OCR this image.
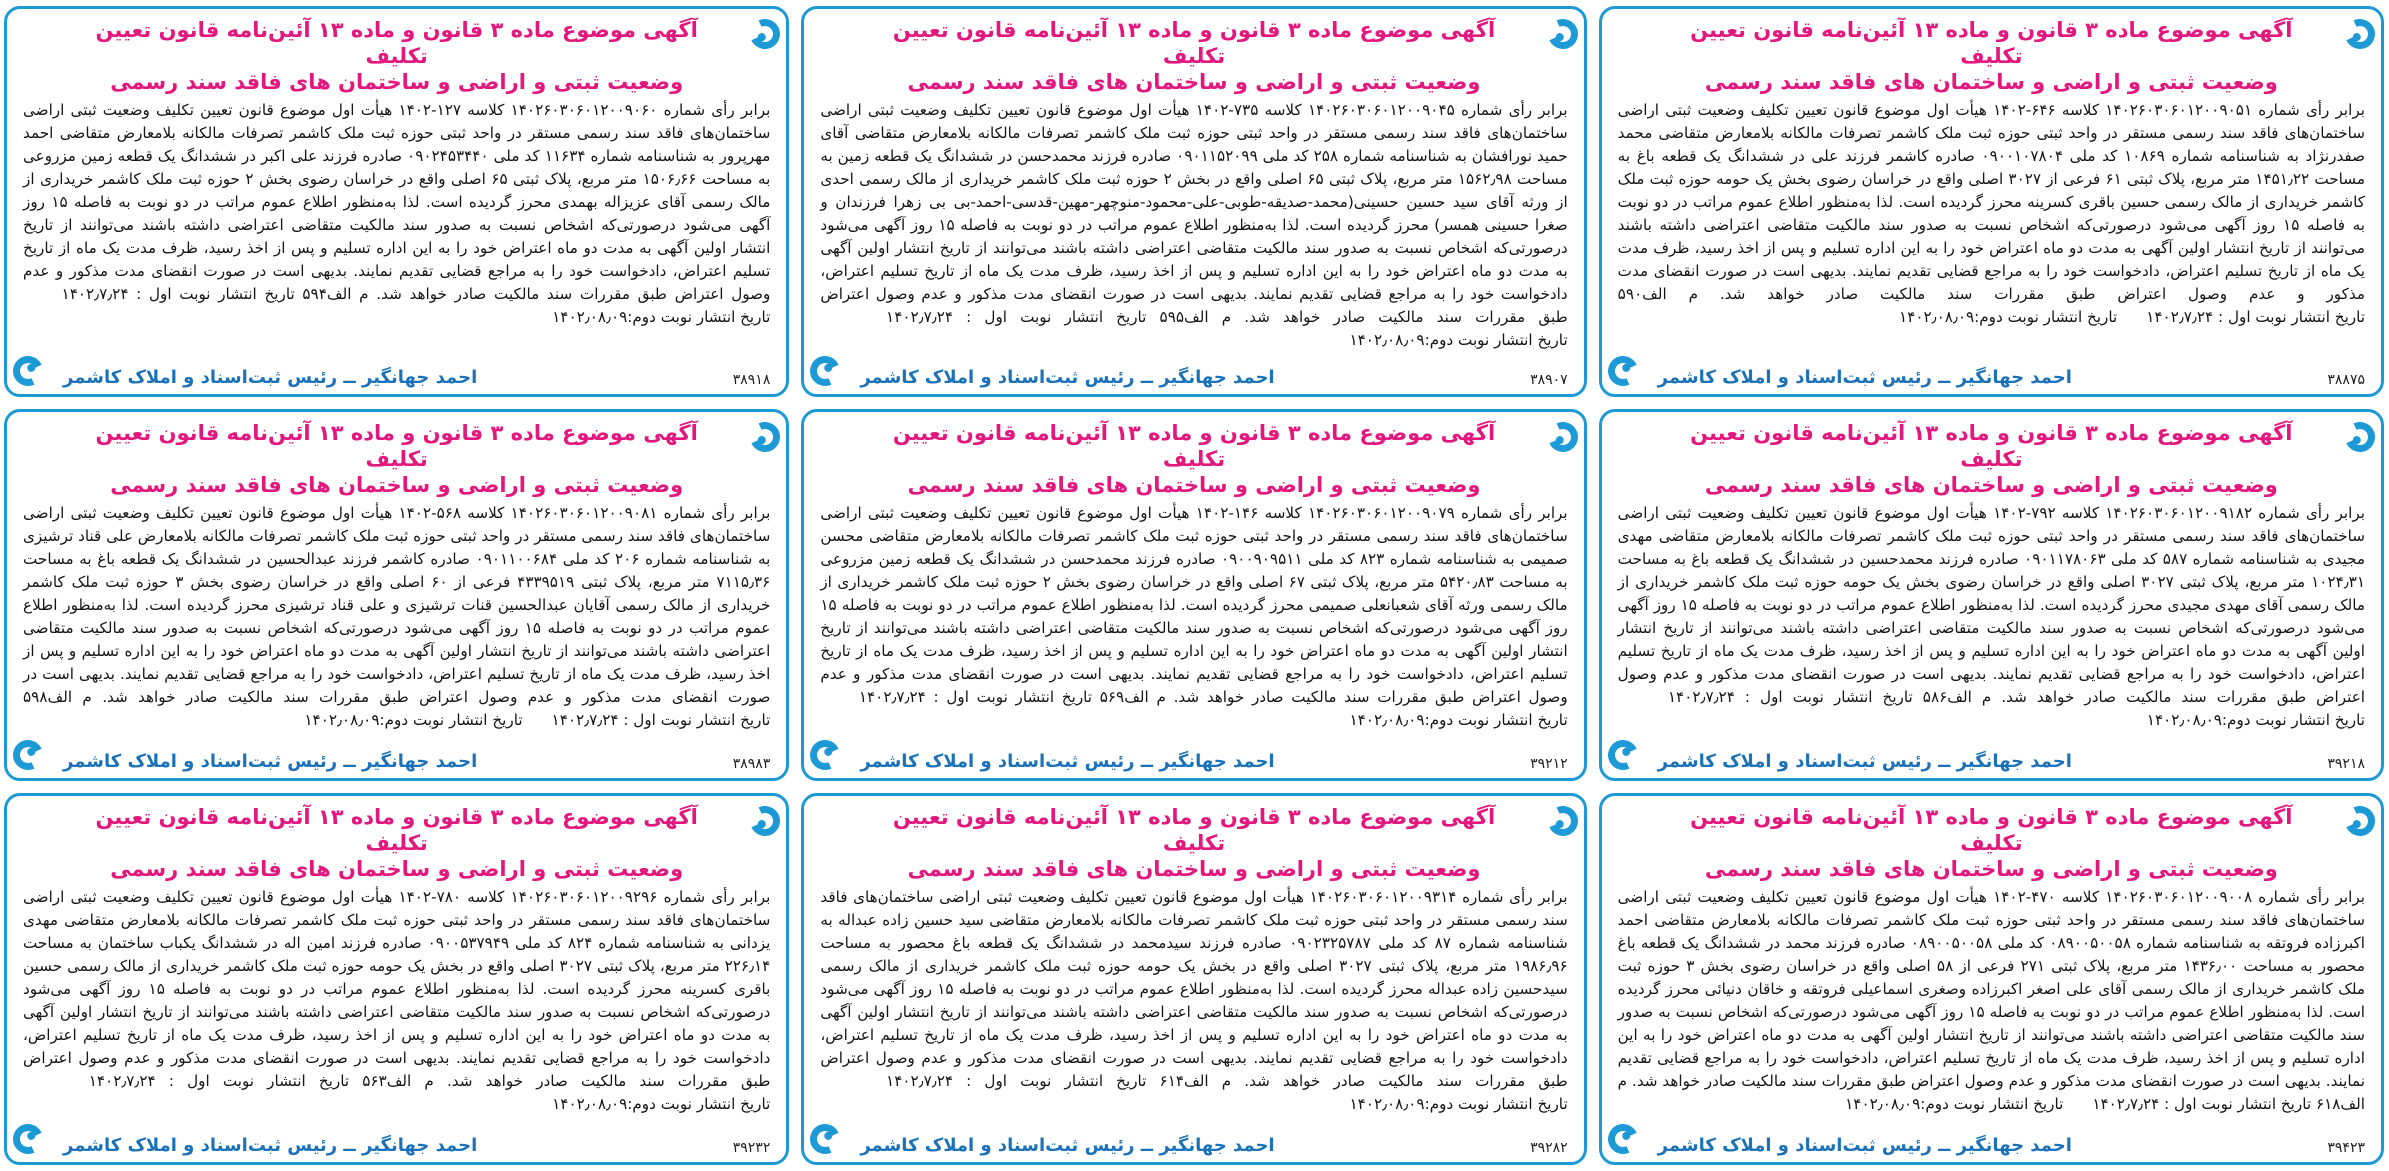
آگهی موضوع ماده ۳ قانون و ماده ۱۳ آئین‌نامه قانون تعیین تکلیف
وضعیت ثبتی و اراضی و ساختمان های فاقد سند رسمی
برابر رأی شماره ۱۴۰۲۶۰۳۰۶۰۱۲۰۰۹۰۵۱ کلاسه ۶۴۶-۱۴۰۲ هیأت اول موضوع قانون تعیین تکلیف وضعیت ثبتی اراضی ساختمان‌های فاقد سند رسمی مستقر در واحد ثبتی حوزه ثبت ملک کاشمر تصرفات مالکانه بلامعارض متقاضی محمد صفدرنژاد به شناسنامه شماره ۱۰۸۶۹ کد ملی ۰۹۰۰۱۰۷۸۰۴ صادره کاشمر فرزند علی در ششدانگ یک قطعه باغ به مساحت ۱۴۵۱٫۲۲ متر مربع، پلاک ثبتی ۶۱ فرعی از ۳۰۲۷ اصلی واقع در خراسان رضوی بخش یک حومه حوزه ثبت ملک کاشمر خریداری از مالک رسمی حسین باقری کسرینه محرز گردیده است. لذا به‌منظور اطلاع عموم مراتب در دو نوبت به فاصله ۱۵ روز آگهی می‌شود درصورتی‌که اشخاص نسبت به صدور سند مالکیت متقاضی اعتراضی داشته باشند می‌توانند از تاریخ انتشار اولین آگهی به مدت دو ماه اعتراض خود را به این اداره تسلیم و پس از اخذ رسید، ظرف مدت یک ماه از تاریخ تسلیم اعتراض، دادخواست خود را به مراجع قضایی تقدیم نمایند. بدیهی است در صورت انقضای مدت مذکور و عدم وصول اعتراض طبق مقررات سند مالکیت صادر خواهد شد. م الف۵۹۰ تاریخ انتشار نوبت اول : ۱۴۰۲٫۷٫۲۴      تاریخ انتشار نوبت دوم:۱۴۰۲٫۰۸٫۰۹
۳۸۸۷۵
احمد جهانگیر ــ رئیس ثبت‌اسناد و املاک کاشمر
آگهی موضوع ماده ۳ قانون و ماده ۱۳ آئین‌نامه قانون تعیین تکلیف
وضعیت ثبتی و اراضی و ساختمان های فاقد سند رسمی
برابر رأی شماره ۱۴۰۲۶۰۳۰۶۰۱۲۰۰۹۰۴۵ کلاسه ۷۳۵-۱۴۰۲ هیأت اول موضوع قانون تعیین تکلیف وضعیت ثبتی اراضی ساختمان‌های فاقد سند رسمی مستقر در واحد ثبتی حوزه ثبت ملک کاشمر تصرفات مالکانه بلامعارض متقاضی آقای حمید نورافشان به شناسنامه شماره ۲۵۸ کد ملی ۰۹۰۱۱۵۲۰۹۹ صادره فرزند محمدحسن در ششدانگ یک قطعه زمین به مساحت ۱۵۶۲٫۹۸ متر مربع، پلاک ثبتی ۶۵ اصلی واقع در بخش ۲ حوزه ثبت ملک کاشمر خریداری از مالک رسمی احدی از ورثه آقای سید حسین حسینی(محمد-صدیقه-طوبی-علی-محمود-منوچهر-مهین-قدسی-احمد-بی بی زهرا فرزندان و صغرا حسینی همسر) محرز گردیده است. لذا به‌منظور اطلاع عموم مراتب در دو نوبت به فاصله ۱۵ روز آگهی می‌شود درصورتی‌که اشخاص نسبت به صدور سند مالکیت متقاضی اعتراضی داشته باشند می‌توانند از تاریخ انتشار اولین آگهی به مدت دو ماه اعتراض خود را به این اداره تسلیم و پس از اخذ رسید، ظرف مدت یک ماه از تاریخ تسلیم اعتراض، دادخواست خود را به مراجع قضایی تقدیم نمایند. بدیهی است در صورت انقضای مدت مذکور و عدم وصول اعتراض طبق مقررات سند مالکیت صادر خواهد شد. م الف۵۹۵ تاریخ انتشار نوبت اول : ۱۴۰۲٫۷٫۲۴      تاریخ انتشار نوبت دوم:۱۴۰۲٫۰۸٫۰۹
۳۸۹۰۷
احمد جهانگیر ــ رئیس ثبت‌اسناد و املاک کاشمر
آگهی موضوع ماده ۳ قانون و ماده ۱۳ آئین‌نامه قانون تعیین تکلیف
وضعیت ثبتی و اراضی و ساختمان های فاقد سند رسمی
برابر رأی شماره ۱۴۰۲۶۰۳۰۶۰۱۲۰۰۹۰۶۰ کلاسه ۱۲۷-۱۴۰۲ هیأت اول موضوع قانون تعیین تکلیف وضعیت ثبتی اراضی ساختمان‌های فاقد سند رسمی مستقر در واحد ثبتی حوزه ثبت ملک کاشمر تصرفات مالکانه بلامعارض متقاضی احمد مهرپرور به شناسنامه شماره ۱۱۶۳۴ کد ملی ۰۹۰۲۴۵۳۴۴۰ صادره فرزند علی اکبر در ششدانگ یک قطعه زمین مزروعی به مساحت ۱۵۰۶٫۶۶ متر مربع، پلاک ثبتی ۶۵ اصلی واقع در خراسان رضوی بخش ۲ حوزه ثبت ملک کاشمر خریداری از مالک رسمی آقای عزیزاله بهمدی محرز گردیده است. لذا به‌منظور اطلاع عموم مراتب در دو نوبت به فاصله ۱۵ روز آگهی می‌شود درصورتی‌که اشخاص نسبت به صدور سند مالکیت متقاضی اعتراضی داشته باشند می‌توانند از تاریخ انتشار اولین آگهی به مدت دو ماه اعتراض خود را به این اداره تسلیم و پس از اخذ رسید، ظرف مدت یک ماه از تاریخ تسلیم اعتراض، دادخواست خود را به مراجع قضایی تقدیم نمایند. بدیهی است در صورت انقضای مدت مذکور و عدم وصول اعتراض طبق مقررات سند مالکیت صادر خواهد شد. م الف۵۹۴ تاریخ انتشار نوبت اول : ۱۴۰۲٫۷٫۲۴      تاریخ انتشار نوبت دوم:۱۴۰۲٫۰۸٫۰۹
۳۸۹۱۸
احمد جهانگیر ــ رئیس ثبت‌اسناد و املاک کاشمر
آگهی موضوع ماده ۳ قانون و ماده ۱۳ آئین‌نامه قانون تعیین تکلیف
وضعیت ثبتی و اراضی و ساختمان های فاقد سند رسمی
برابر رأی شماره ۱۴۰۲۶۰۳۰۶۰۱۲۰۰۹۱۸۲ کلاسه ۷۹۲-۱۴۰۲ هیأت اول موضوع قانون تعیین تکلیف وضعیت ثبتی اراضی ساختمان‌های فاقد سند رسمی مستقر در واحد ثبتی حوزه ثبت ملک کاشمر تصرفات مالکانه بلامعارض متقاضی مهدی مجیدی به شناسنامه شماره ۵۸۷ کد ملی ۰۹۰۱۱۷۸۰۶۳ صادره فرزند محمدحسین در ششدانگ یک قطعه باغ به مساحت ۱۰۲۴٫۳۱ متر مربع، پلاک ثبتی ۳۰۲۷ اصلی واقع در خراسان رضوی بخش یک حومه حوزه ثبت ملک کاشمر خریداری از مالک رسمی آقای مهدی مجیدی محرز گردیده است. لذا به‌منظور اطلاع عموم مراتب در دو نوبت به فاصله ۱۵ روز آگهی می‌شود درصورتی‌که اشخاص نسبت به صدور سند مالکیت متقاضی اعتراضی داشته باشند می‌توانند از تاریخ انتشار اولین آگهی به مدت دو ماه اعتراض خود را به این اداره تسلیم و پس از اخذ رسید، ظرف مدت یک ماه از تاریخ تسلیم اعتراض، دادخواست خود را به مراجع قضایی تقدیم نمایند. بدیهی است در صورت انقضای مدت مذکور و عدم وصول اعتراض طبق مقررات سند مالکیت صادر خواهد شد. م الف۵۸۶ تاریخ انتشار نوبت اول : ۱۴۰۲٫۷٫۲۴      تاریخ انتشار نوبت دوم:۱۴۰۲٫۰۸٫۰۹
۳۹۲۱۸
احمد جهانگیر ــ رئیس ثبت‌اسناد و املاک کاشمر
آگهی موضوع ماده ۳ قانون و ماده ۱۳ آئین‌نامه قانون تعیین تکلیف
وضعیت ثبتی و اراضی و ساختمان های فاقد سند رسمی
برابر رأی شماره ۱۴۰۲۶۰۳۰۶۰۱۲۰۰۹۰۷۹ کلاسه ۱۴۶-۱۴۰۲ هیأت اول موضوع قانون تعیین تکلیف وضعیت ثبتی اراضی ساختمان‌های فاقد سند رسمی مستقر در واحد ثبتی حوزه ثبت ملک کاشمر تصرفات مالکانه بلامعارض متقاضی محسن صمیمی به شناسنامه شماره ۸۲۳ کد ملی ۰۹۰۰۹۰۹۵۱۱ صادره فرزند محمدحسن در ششدانگ یک قطعه زمین مزروعی به مساحت ۵۴۲۰٫۸۳ متر مربع، پلاک ثبتی ۶۷ اصلی واقع در خراسان رضوی بخش ۲ حوزه ثبت ملک کاشمر خریداری از مالک رسمی ورثه آقای شعبانعلی صمیمی محرز گردیده است. لذا به‌منظور اطلاع عموم مراتب در دو نوبت به فاصله ۱۵ روز آگهی می‌شود درصورتی‌که اشخاص نسبت به صدور سند مالکیت متقاضی اعتراضی داشته باشند می‌توانند از تاریخ انتشار اولین آگهی به مدت دو ماه اعتراض خود را به این اداره تسلیم و پس از اخذ رسید، ظرف مدت یک ماه از تاریخ تسلیم اعتراض، دادخواست خود را به مراجع قضایی تقدیم نمایند. بدیهی است در صورت انقضای مدت مذکور و عدم وصول اعتراض طبق مقررات سند مالکیت صادر خواهد شد. م الف۵۶۹ تاریخ انتشار نوبت اول : ۱۴۰۲٫۷٫۲۴      تاریخ انتشار نوبت دوم:۱۴۰۲٫۰۸٫۰۹
۳۹۲۱۲
احمد جهانگیر ــ رئیس ثبت‌اسناد و املاک کاشمر
آگهی موضوع ماده ۳ قانون و ماده ۱۳ آئین‌نامه قانون تعیین تکلیف
وضعیت ثبتی و اراضی و ساختمان های فاقد سند رسمی
برابر رأی شماره ۱۴۰۲۶۰۳۰۶۰۱۲۰۰۹۰۸۱ کلاسه ۵۶۸-۱۴۰۲ هیأت اول موضوع قانون تعیین تکلیف وضعیت ثبتی اراضی ساختمان‌های فاقد سند رسمی مستقر در واحد ثبتی حوزه ثبت ملک کاشمر تصرفات مالکانه بلامعارض علی قناد ترشیزی به شناسنامه شماره ۲۰۶ کد ملی ۰۹۰۱۱۰۰۶۸۴ صادره کاشمر فرزند عبدالحسین در ششدانگ یک قطعه باغ به مساحت ۷۱۱۵٫۳۶ متر مربع، پلاک ثبتی ۴۳۳۹۵۱۹ فرعی از ۶۰ اصلی واقع در خراسان رضوی بخش ۳ حوزه ثبت ملک کاشمر خریداری از مالک رسمی آقایان عبدالحسین قنات ترشیزی و علی قناد ترشیزی محرز گردیده است. لذا به‌منظور اطلاع عموم مراتب در دو نوبت به فاصله ۱۵ روز آگهی می‌شود درصورتی‌که اشخاص نسبت به صدور سند مالکیت متقاضی اعتراضی داشته باشند می‌توانند از تاریخ انتشار اولین آگهی به مدت دو ماه اعتراض خود را به این اداره تسلیم و پس از اخذ رسید، ظرف مدت یک ماه از تاریخ تسلیم اعتراض، دادخواست خود را به مراجع قضایی تقدیم نمایند. بدیهی است در صورت انقضای مدت مذکور و عدم وصول اعتراض طبق مقررات سند مالکیت صادر خواهد شد. م الف۵۹۸ تاریخ انتشار نوبت اول : ۱۴۰۲٫۷٫۲۴      تاریخ انتشار نوبت دوم:۱۴۰۲٫۰۸٫۰۹
۳۸۹۸۳
احمد جهانگیر ــ رئیس ثبت‌اسناد و املاک کاشمر
آگهی موضوع ماده ۳ قانون و ماده ۱۳ آئین‌نامه قانون تعیین تکلیف
وضعیت ثبتی و اراضی و ساختمان های فاقد سند رسمی
برابر رأی شماره ۱۴۰۲۶۰۳۰۶۰۱۲۰۰۹۰۰۸ کلاسه ۴۷۰-۱۴۰۲ هیأت اول موضوع قانون تعیین تکلیف وضعیت ثبتی اراضی ساختمان‌های فاقد سند رسمی مستقر در واحد ثبتی حوزه ثبت ملک کاشمر تصرفات مالکانه بلامعارض متقاضی احمد اکبرزاده فروتقه به شناسنامه شماره ۰۸۹۰۰۵۰۰۵۸ کد ملی ۰۸۹۰۰۵۰۰۵۸ صادره فرزند محمد در ششدانگ یک قطعه باغ محصور به مساحت ۱۴۳۶٫۰۰ متر مربع، پلاک ثبتی ۲۷۱ فرعی از ۵۸ اصلی واقع در خراسان رضوی بخش ۳ حوزه ثبت ملک کاشمر خریداری از مالک رسمی آقای علی اصغر اکبرزاده وصغری اسماعیلی فروتقه و خاقان دنیائی محرز گردیده است. لذا به‌منظور اطلاع عموم مراتب در دو نوبت به فاصله ۱۵ روز آگهی می‌شود درصورتی‌که اشخاص نسبت به صدور سند مالکیت متقاضی اعتراضی داشته باشند می‌توانند از تاریخ انتشار اولین آگهی به مدت دو ماه اعتراض خود را به این اداره تسلیم و پس از اخذ رسید، ظرف مدت یک ماه از تاریخ تسلیم اعتراض، دادخواست خود را به مراجع قضایی تقدیم نمایند. بدیهی است در صورت انقضای مدت مذکور و عدم وصول اعتراض طبق مقررات سند مالکیت صادر خواهد شد. م الف۶۱۸ تاریخ انتشار نوبت اول : ۱۴۰۲٫۷٫۲۴      تاریخ انتشار نوبت دوم:۱۴۰۲٫۰۸٫۰۹
۳۹۴۲۳
احمد جهانگیر ــ رئیس ثبت‌اسناد و املاک کاشمر
آگهی موضوع ماده ۳ قانون و ماده ۱۳ آئین‌نامه قانون تعیین تکلیف
وضعیت ثبتی و اراضی و ساختمان های فاقد سند رسمی
برابر رأی شماره ۱۴۰۲۶۰۳۰۶۰۱۲۰۰۹۳۱۴ هیأت اول موضوع قانون تعیین تکلیف وضعیت ثبتی اراضی ساختمان‌های فاقد سند رسمی مستقر در واحد ثبتی حوزه ثبت ملک کاشمر تصرفات مالکانه بلامعارض متقاضی سید حسین زاده عبداله به شناسنامه شماره ۸۷ کد ملی ۰۹۰۲۳۲۵۷۸۷ صادره فرزند سیدمحمد در ششدانگ یک قطعه باغ محصور به مساحت ۱۹۸۶٫۹۶ متر مربع، پلاک ثبتی ۳۰۲۷ اصلی واقع در بخش یک حومه حوزه ثبت ملک کاشمر خریداری از مالک رسمی سیدحسین زاده عبداله محرز گردیده است. لذا به‌منظور اطلاع عموم مراتب در دو نوبت به فاصله ۱۵ روز آگهی می‌شود درصورتی‌که اشخاص نسبت به صدور سند مالکیت متقاضی اعتراضی داشته باشند می‌توانند از تاریخ انتشار اولین آگهی به مدت دو ماه اعتراض خود را به این اداره تسلیم و پس از اخذ رسید، ظرف مدت یک ماه از تاریخ تسلیم اعتراض، دادخواست خود را به مراجع قضایی تقدیم نمایند. بدیهی است در صورت انقضای مدت مذکور و عدم وصول اعتراض طبق مقررات سند مالکیت صادر خواهد شد. م الف۶۱۴ تاریخ انتشار نوبت اول : ۱۴۰۲٫۷٫۲۴      تاریخ انتشار نوبت دوم:۱۴۰۲٫۰۸٫۰۹
۳۹۲۸۲
احمد جهانگیر ــ رئیس ثبت‌اسناد و املاک کاشمر
آگهی موضوع ماده ۳ قانون و ماده ۱۳ آئین‌نامه قانون تعیین تکلیف
وضعیت ثبتی و اراضی و ساختمان های فاقد سند رسمی
برابر رأی شماره ۱۴۰۲۶۰۳۰۶۰۱۲۰۰۹۲۹۶ کلاسه ۷۸۰-۱۴۰۲ هیأت اول موضوع قانون تعیین تکلیف وضعیت ثبتی اراضی ساختمان‌های فاقد سند رسمی مستقر در واحد ثبتی حوزه ثبت ملک کاشمر تصرفات مالکانه بلامعارض متقاضی مهدی یزدانی به شناسنامه شماره ۸۲۴ کد ملی ۰۹۰۰۵۳۷۹۴۹ صادره فرزند امین اله در ششدانگ یکباب ساختمان به مساحت ۲۲۶٫۱۴ متر مربع، پلاک ثبتی ۳۰۲۷ اصلی واقع در بخش یک حومه حوزه ثبت ملک کاشمر خریداری از مالک رسمی حسین باقری کسرینه محرز گردیده است. لذا به‌منظور اطلاع عموم مراتب در دو نوبت به فاصله ۱۵ روز آگهی می‌شود درصورتی‌که اشخاص نسبت به صدور سند مالکیت متقاضی اعتراضی داشته باشند می‌توانند از تاریخ انتشار اولین آگهی به مدت دو ماه اعتراض خود را به این اداره تسلیم و پس از اخذ رسید، ظرف مدت یک ماه از تاریخ تسلیم اعتراض، دادخواست خود را به مراجع قضایی تقدیم نمایند. بدیهی است در صورت انقضای مدت مذکور و عدم وصول اعتراض طبق مقررات سند مالکیت صادر خواهد شد. م الف۵۶۳ تاریخ انتشار نوبت اول : ۱۴۰۲٫۷٫۲۴      تاریخ انتشار نوبت دوم:۱۴۰۲٫۰۸٫۰۹
۳۹۲۳۲
احمد جهانگیر ــ رئیس ثبت‌اسناد و املاک کاشمر
